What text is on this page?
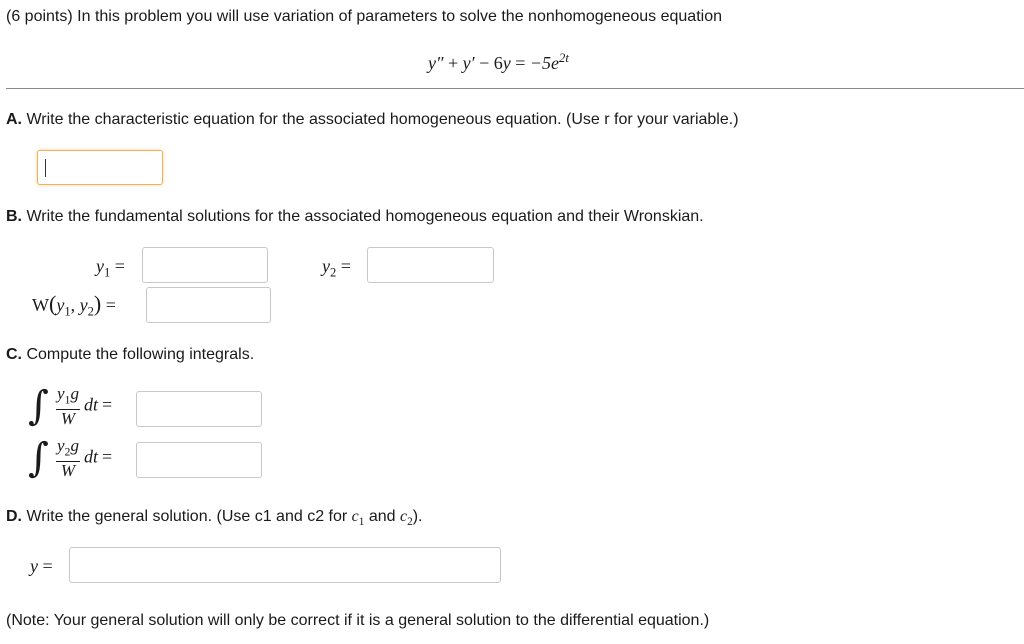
(6 points) In this problem you will use variation of parameters to solve the nonhomogeneous equation
$y'' + y' - 6y = -5e^{2t}$
A. Write the characteristic equation for the associated homogeneous equation. (Use r for your variable.)
B. Write the fundamental solutions for the associated homogeneous equation and their Wronskian.
$y_1$ =	$y_2$ =
$W(y_1$, $y_2$) =
C. Compute the following integrals.
∫ $\frac{y_1g}{W}$ dt =
∫ $\frac{y_2g}{W}$ dt =
D. Write the general solution. (Use c1 and c2 for $c_1$ and $c_2$).
y =
(Note: Your general solution will only be correct if it is a general solution to the differential equation.)
